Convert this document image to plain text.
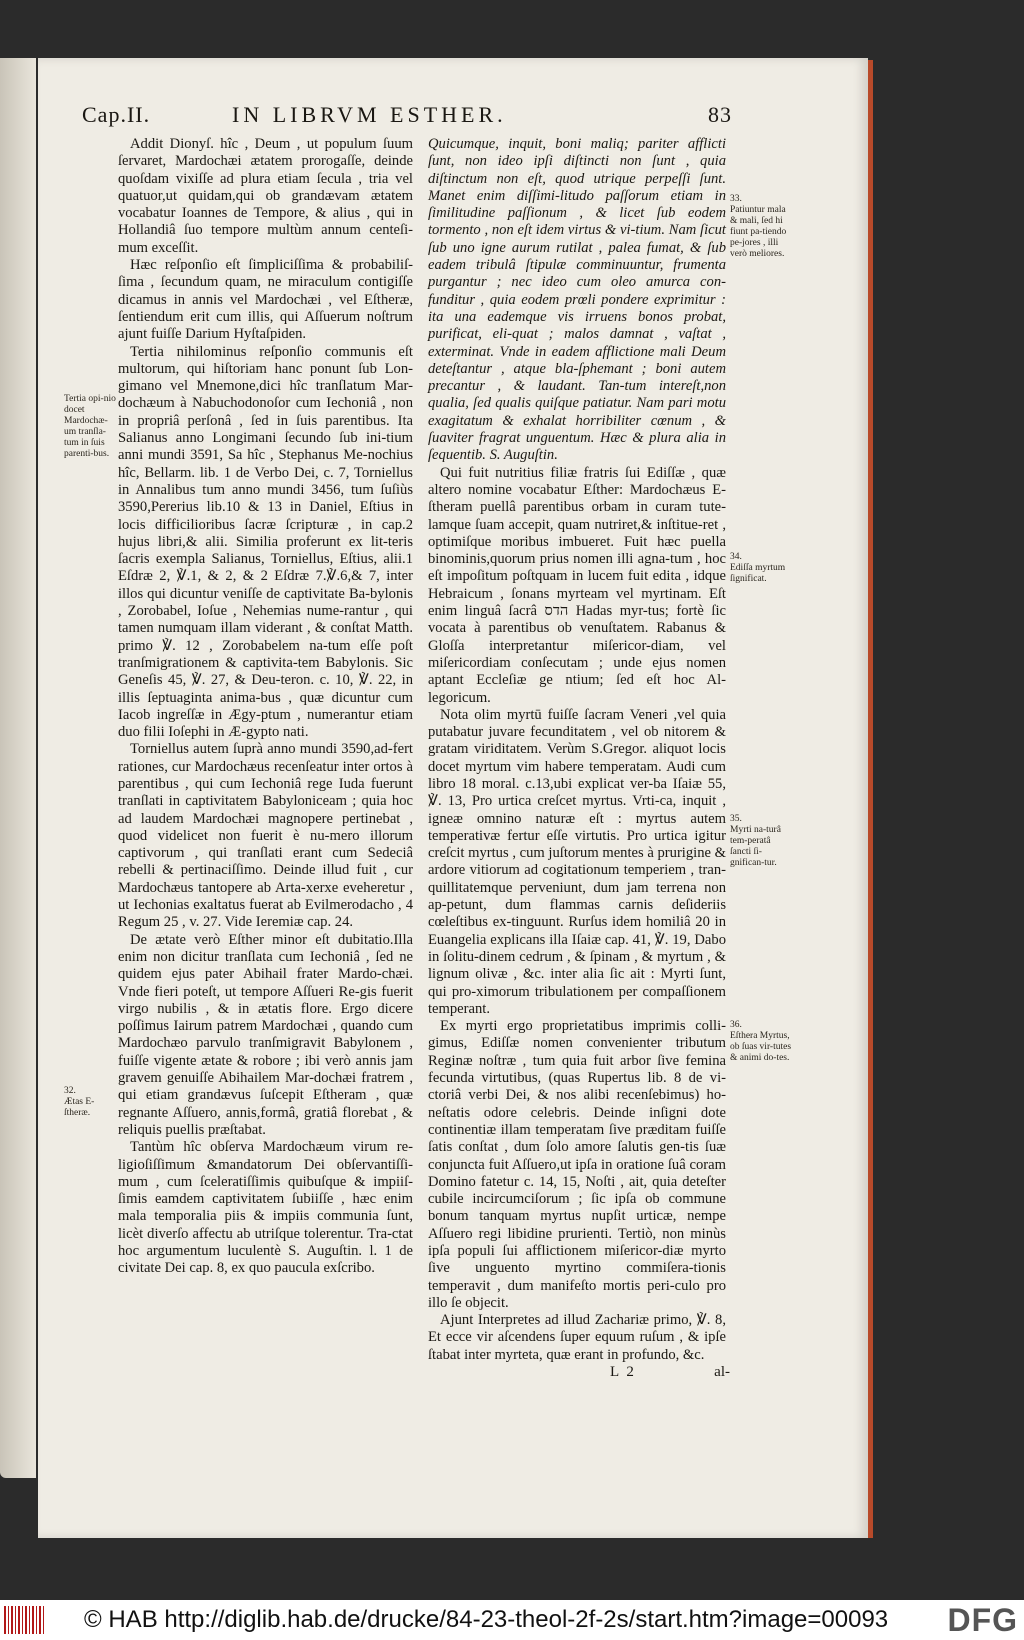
Cap.II.	IN LIBRVM ESTHER.	83

Addit Dionyſ. hîc , Deum , ut populum ſuum ſervaret, Mardochæi ætatem prorogaſſe, deinde quoſdam vixiſſe ad plura etiam ſecula , tria vel quatuor,ut quidam,qui ob grandævam ætatem vocabatur Ioannes de Tempore, & alius , qui in Hollandiâ ſuo tempore multùm annum centeſi-mum exceſſit.

Hæc reſponſio eſt ſimpliciſſima & probabiliſ-ſima , ſecundum quam, ne miraculum contigiſſe dicamus in annis vel Mardochæi , vel Eſtheræ, ſentiendum erit cum illis, qui Aſſuerum noſtrum ajunt fuiſſe Darium Hyſtaſpiden.

Tertia nihilominus reſponſio communis eſt multorum, qui hiſtoriam hanc ponunt ſub Lon-gimano vel Mnemone,dici hîc tranſlatum Mar-dochæum à Nabuchodonoſor cum Iechoniâ , non in propriâ perſonâ , ſed in ſuis parentibus. Ita Salianus anno Longimani ſecundo ſub ini-tium anni mundi 3591, Sa hîc , Stephanus Me-nochius hîc, Bellarm. lib. 1 de Verbo Dei, c. 7, Torniellus in Annalibus tum anno mundi 3456, tum ſuſiùs 3590,Pererius lib.10 & 13 in Daniel, Eſtius in locis difficilioribus ſacræ ſcripturæ , in cap.2 hujus libri,& alii. Similia proferunt ex lit-teris ſacris exempla Salianus, Torniellus, Eſtius, alii.1 Eſdræ 2, ℣.1, & 2, & 2 Eſdræ 7.℣.6,& 7, inter illos qui dicuntur veniſſe de captivitate Ba-bylonis , Zorobabel, Ioſue , Nehemias nume-rantur , qui tamen numquam illam viderant , & conſtat Matth. primo ℣. 12 , Zorobabelem na-tum eſſe poſt tranſmigrationem & captivita-tem Babylonis. Sic Geneſis 45, ℣. 27, & Deu-teron. c. 10, ℣. 22, in illis ſeptuaginta anima-bus , quæ dicuntur cum Iacob ingreſſæ in Ægy-ptum , numerantur etiam duo filii Ioſephi in Æ-gypto nati.

Torniellus autem ſuprà anno mundi 3590,ad-fert rationes, cur Mardochæus recenſeatur inter ortos à parentibus , qui cum Iechoniâ rege Iuda fuerunt tranſlati in captivitatem Babyloniceam ; quia hoc ad laudem Mardochæi magnopere pertinebat , quod videlicet non fuerit è nu-mero illorum captivorum , qui tranſlati erant cum Sedeciâ rebelli & pertinaciſſimo. Deinde illud fuit , cur Mardochæus tantopere ab Arta-xerxe eveheretur , ut Iechonias exaltatus fuerat ab Evilmerodacho , 4 Regum 25 , v. 27. Vide Ieremiæ cap. 24.

De ætate verò Eſther minor eſt dubitatio.Illa enim non dicitur tranſlata cum Iechoniâ , ſed ne quidem ejus pater Abihail frater Mardo-chæi. Vnde fieri poteſt, ut tempore Aſſueri Re-gis fuerit virgo nubilis , & in ætatis flore. Ergo dicere poſſimus Iairum patrem Mardochæi , quando cum Mardochæo parvulo tranſmigravit Babylonem , fuiſſe vigente ætate & robore ; ibi verò annis jam gravem genuiſſe Abihailem Mar-dochæi fratrem , qui etiam grandævus ſuſcepit Eſtheram , quæ regnante Aſſuero, annis,formâ, gratiâ florebat , & reliquis puellis præſtabat.

Tantùm hîc obſerva Mardochæum virum re-ligioſiſſimum &mandatorum Dei obſervantiſſi-mum , cum ſceleratiſſimis quibuſque & impiiſ-ſimis eamdem captivitatem ſubiiſſe , hæc enim mala temporalia piis & impiis communia ſunt, licèt diverſo affectu ab utriſque tolerentur. Tra-ctat hoc argumentum luculentè S. Auguſtin. l. 1 de civitate Dei cap. 8, ex quo paucula exſcribo.

Quicumque, inquit, boni maliq; pariter afflicti ſunt, non ideo ipſi diſtincti non ſunt , quia diſtinctum non eſt, quod utrique perpeſſi ſunt. Manet enim diſſimi-litudo paſſorum etiam in ſimilitudine paſſionum , & licet ſub eodem tormento , non eſt idem virtus & vi-tium. Nam ſicut ſub uno igne aurum rutilat , palea fumat, & ſub eadem tribulâ ſtipulæ comminuuntur, frumenta purgantur ; nec ideo cum oleo amurca con-funditur , quia eodem prœli pondere exprimitur : ita una eademque vis irruens bonos probat, purificat, eli-quat ; malos damnat , vaſtat , exterminat. Vnde in eadem afflictione mali Deum deteſtantur , atque bla-ſphemant ; boni autem precantur , & laudant. Tan-tum intereſt,non qualia, ſed qualis quiſque patiatur. Nam pari motu exagitatum & exhalat horribiliter cœnum , & ſuaviter fragrat unguentum. Hæc & plura alia in ſequentib. S. Auguſtin.

Qui fuit nutritius filiæ fratris ſui Ediſſæ , quæ altero nomine vocabatur Eſther: Mardochæus E-ſtheram puellâ parentibus orbam in curam tute-lamque ſuam accepit, quam nutriret,& inſtitue-ret , optimiſque moribus imbueret. Fuit hæc puella binominis,quorum prius nomen illi agna-tum , hoc eſt impoſitum poſtquam in lucem fuit edita , idque Hebraicum , ſonans myrteam vel myrtinam. Eſt enim linguâ ſacrâ הדס Hadas myr-tus; fortè ſic vocata à parentibus ob venuſtatem. Rabanus & Gloſſa interpretantur miſericor-diam, vel miſericordiam conſecutam ; unde ejus nomen aptant Eccleſiæ ge ntium; ſed eſt hoc Al-legoricum.

Nota olim myrtū fuiſſe ſacram Veneri ,vel quia putabatur juvare fecunditatem , vel ob nitorem & gratam viriditatem. Verùm S.Gregor. aliquot locis docet myrtum vim habere temperatam. Audi cum libro 18 moral. c.13,ubi explicat ver-ba Iſaiæ 55, ℣. 13, Pro urtica creſcet myrtus. Vrti-ca, inquit , igneæ omnino naturæ eſt : myrtus autem temperativæ fertur eſſe virtutis. Pro urtica igitur creſcit myrtus , cum juſtorum mentes à prurigine & ardore vitiorum ad cogitationum temperiem , tran-quillitatemque perveniunt, dum jam terrena non ap-petunt, dum flammas carnis deſideriis cœleſtibus ex-tinguunt. Rurſus idem homiliâ 20 in Euangelia explicans illa Iſaiæ cap. 41, ℣. 19, Dabo in ſolitu-dinem cedrum , & ſpinam , & myrtum , & lignum olivæ , &c. inter alia ſic ait : Myrti ſunt, qui pro-ximorum tribulationem per compaſſionem temperant.

Ex myrti ergo proprietatibus imprimis colli-gimus, Ediſſæ nomen convenienter tributum Reginæ noſtræ , tum quia fuit arbor ſive femina fecunda virtutibus, (quas Rupertus lib. 8 de vi-ctoriâ verbi Dei, & nos alibi recenſebimus) ho-neſtatis odore celebris. Deinde inſigni dote continentiæ illam temperatam ſive præditam fuiſſe ſatis conſtat , dum ſolo amore ſalutis gen-tis ſuæ conjuncta fuit Aſſuero,ut ipſa in oratione ſuâ coram Domino fatetur c. 14, 15, Noſti , ait, quia deteſter cubile incircumciſorum ; ſic ipſa ob commune bonum tanquam myrtus nupſit urticæ, nempe Aſſuero regi libidine prurienti. Tertiò, non minùs ipſa populi ſui afflictionem miſericor-diæ myrto ſive unguento myrtino commiſera-tionis temperavit , dum manifeſto mortis peri-culo pro illo ſe objecit.

Ajunt Interpretes ad illud Zachariæ primo, ℣. 8, Et ecce vir aſcendens ſuper equum ruſum , & ipſe ſtabat inter myrteta, quæ erant in profundo, &c.

Tertia opi-nio docet Mardochæ-um tranſla-tum in ſuis parenti-bus.
32.
Ætas E-ſtheræ.
33.
Patiuntur mala & mali, ſed hi fiunt pa-tiendo pe-jores , illi verò meliores.
34.
Ediſſa myrtum ſignificat.
35.
Myrti na-turâ tem-peratâ ſancti ſi-gnifican-tur.
36.
Eſthera Myrtus, ob ſuas vir-tutes & animi do-tes.
L 2	al-
© HAB http://diglib.hab.de/drucke/84-23-theol-2f-2s/start.htm?image=00093 DFG
